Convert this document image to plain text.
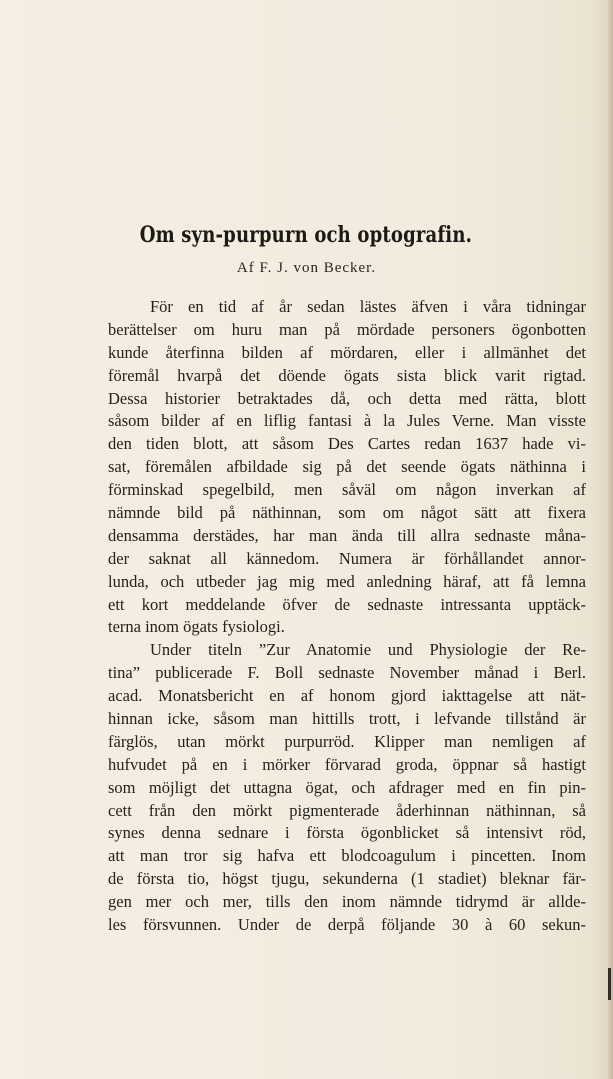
Om syn-purpurn och optografin.
Af F. J. von Becker.
För en tid af år sedan lästes äfven i våra tidningar
berättelser om huru man på mördade personers ögonbotten
kunde återfinna bilden af mördaren, eller i allmänhet det
föremål hvarpå det döende ögats sista blick varit rigtad.
Dessa historier betraktades då, och detta med rätta, blott
såsom bilder af en liflig fantasi à la Jules Verne. Man visste
den tiden blott, att såsom Des Cartes redan 1637 hade vi-
sat, föremålen afbildade sig på det seende ögats näthinna i
förminskad spegelbild, men såväl om någon inverkan af
nämnde bild på näthinnan, som om något sätt att fixera
densamma derstädes, har man ända till allra sednaste måna-
der saknat all kännedom. Numera är förhållandet annor-
lunda, och utbeder jag mig med anledning häraf, att få lemna
ett kort meddelande öfver de sednaste intressanta upptäck-
terna inom ögats fysiologi.
Under titeln ”Zur Anatomie und Physiologie der Re-
tina” publicerade F. Boll sednaste November månad i Berl.
acad. Monatsbericht en af honom gjord iakttagelse att nät-
hinnan icke, såsom man hittills trott, i lefvande tillstånd är
färglös, utan mörkt purpurröd. Klipper man nemligen af
hufvudet på en i mörker förvarad groda, öppnar så hastigt
som möjligt det uttagna ögat, och afdrager med en fin pin-
cett från den mörkt pigmenterade åderhinnan näthinnan, så
synes denna sednare i första ögonblicket så intensivt röd,
att man tror sig hafva ett blodcoagulum i pincetten. Inom
de första tio, högst tjugu, sekunderna (1 stadiet) bleknar fär-
gen mer och mer, tills den inom nämnde tidrymd är allde-
les försvunnen. Under de derpå följande 30 à 60 sekun-
